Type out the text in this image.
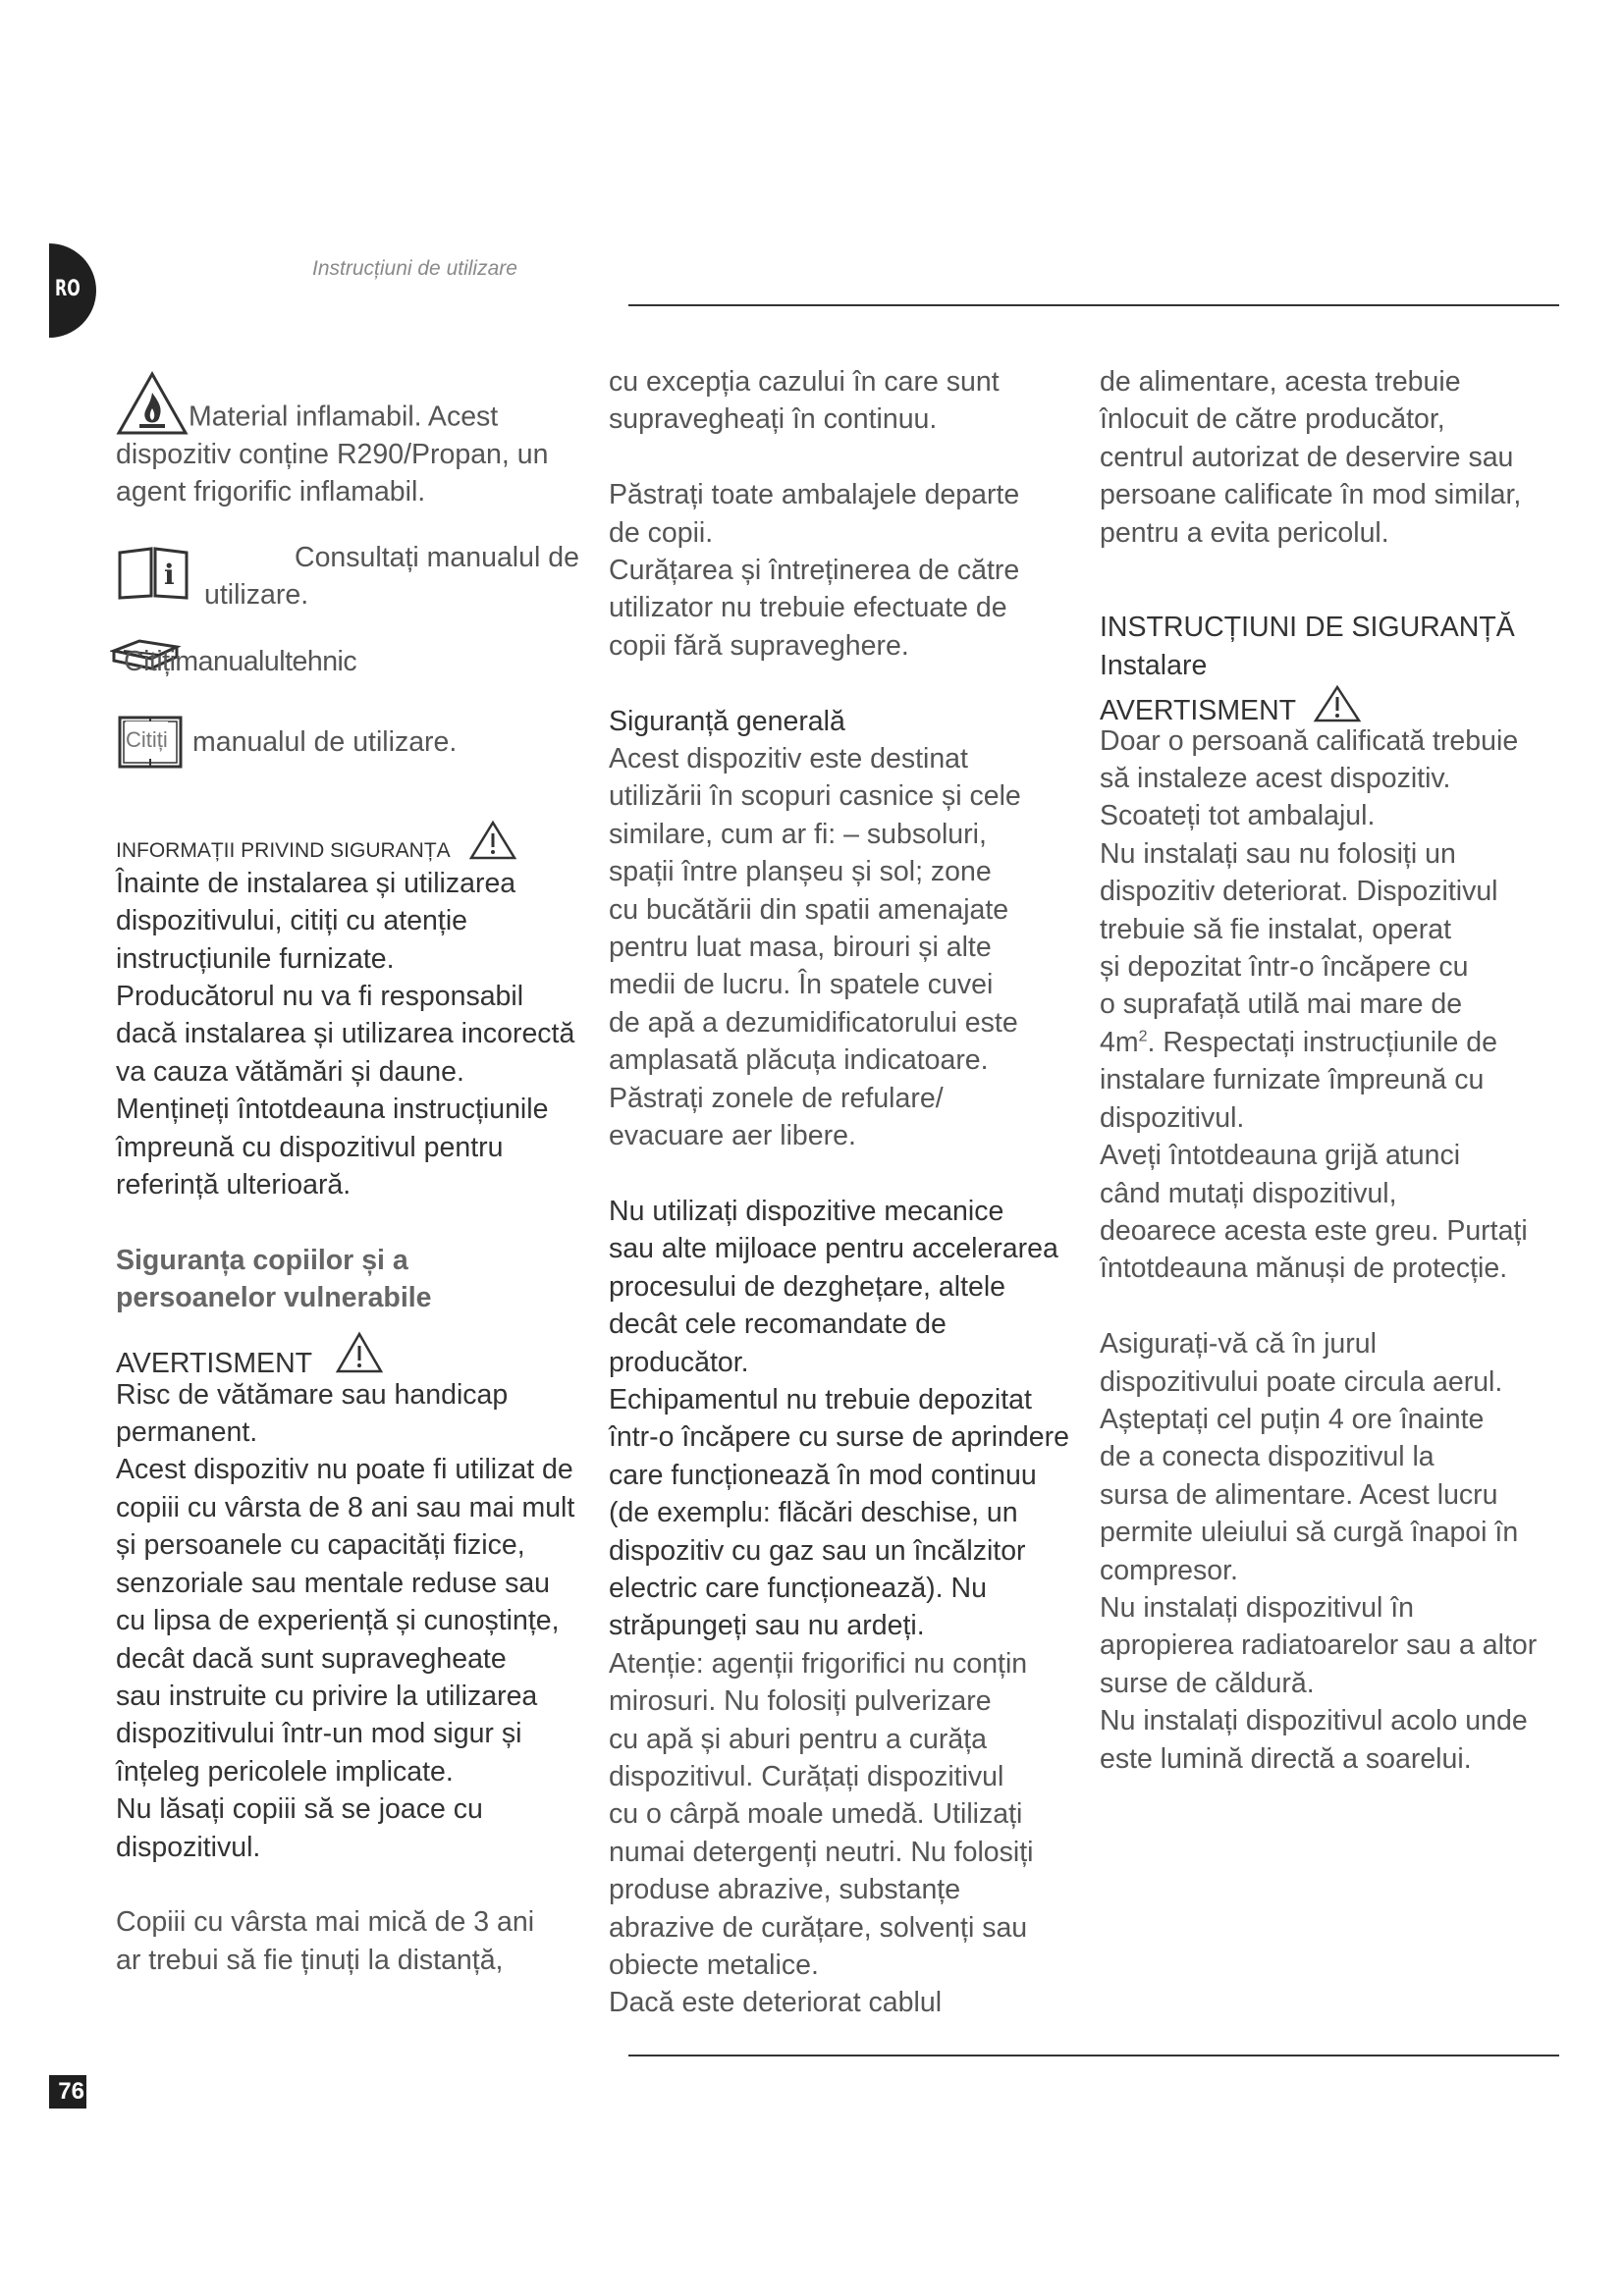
RO
Instrucțiuni de utilizare
76

Material inflamabil. Acest

dispozitiv conține R290/Propan, un

agent frigorific inflamabil.

i
Consultați manualul de
utilizare.
Citițimanualultehnic
Citiți manualul de utilizare.

INFORMAȚII PRIVIND SIGURANȚA

Înainte de instalarea și utilizarea

dispozitivului, citiți cu atenție

instrucțiunile furnizate.

Producătorul nu va fi responsabil

dacă instalarea și utilizarea incorectă

va cauza vătămări și daune.

Mențineți întotdeauna instrucțiunile

împreună cu dispozitivul pentru

referință ulterioară.

Siguranța copiilor și a

persoanelor vulnerabile

AVERTISMENT

Risc de vătămare sau handicap

permanent.

Acest dispozitiv nu poate fi utilizat de

copiii cu vârsta de 8 ani sau mai mult

și persoanele cu capacități fizice,

senzoriale sau mentale reduse sau

cu lipsa de experiență și cunoștințe,

decât dacă sunt supravegheate

sau instruite cu privire la utilizarea

dispozitivului într-un mod sigur și

înțeleg pericolele implicate.

Nu lăsați copiii să se joace cu

dispozitivul.

Copiii cu vârsta mai mică de 3 ani

ar trebui să fie ținuți la distanță,

cu excepția cazului în care sunt

supravegheați în continuu.

Păstrați toate ambalajele departe

de copii.

Curățarea și întreținerea de către

utilizator nu trebuie efectuate de

copii fără supraveghere.

Siguranță generală

Acest dispozitiv este destinat

utilizării în scopuri casnice și cele

similare, cum ar fi: – subsoluri,

spații între planșeu și sol; zone

cu bucătării din spatii amenajate

pentru luat masa, birouri și alte

medii de lucru. În spatele cuvei

de apă a dezumidificatorului este

amplasată plăcuța indicatoare.

Păstrați zonele de refulare/

evacuare aer libere.

Nu utilizați dispozitive mecanice

sau alte mijloace pentru accelerarea

procesului de dezghețare, altele

decât cele recomandate de

producător.

Echipamentul nu trebuie depozitat

într-o încăpere cu surse de aprindere

care funcționează în mod continuu

(de exemplu: flăcări deschise, un

dispozitiv cu gaz sau un încălzitor

electric care funcționează). Nu

străpungeți sau nu ardeți.

Atenție: agenții frigorifici nu conțin

mirosuri. Nu folosiți pulverizare

cu apă și aburi pentru a curăța

dispozitivul. Curățați dispozitivul

cu o cârpă moale umedă. Utilizați

numai detergenți neutri. Nu folosiți

produse abrazive, substanțe

abrazive de curățare, solvenți sau

obiecte metalice.

Dacă este deteriorat cablul

de alimentare, acesta trebuie

înlocuit de către producător,

centrul autorizat de deservire sau

persoane calificate în mod similar,

pentru a evita pericolul.

INSTRUCȚIUNI DE SIGURANȚĂ

Instalare

AVERTISMENT

Doar o persoană calificată trebuie

să instaleze acest dispozitiv.

Scoateți tot ambalajul.

Nu instalați sau nu folosiți un

dispozitiv deteriorat. Dispozitivul

trebuie să fie instalat, operat

și depozitat într-o încăpere cu

o suprafață utilă mai mare de

$4m^2$. Respectați instrucțiunile de

instalare furnizate împreună cu

dispozitivul.

Aveți întotdeauna grijă atunci

când mutați dispozitivul,

deoarece acesta este greu. Purtați

întotdeauna mănuși de protecție.

Asigurați-vă că în jurul

dispozitivului poate circula aerul.

Așteptați cel puțin 4 ore înainte

de a conecta dispozitivul la

sursa de alimentare. Acest lucru

permite uleiului să curgă înapoi în

compresor.

Nu instalați dispozitivul în

apropierea radiatoarelor sau a altor

surse de căldură.

Nu instalați dispozitivul acolo unde

este lumină directă a soarelui.
